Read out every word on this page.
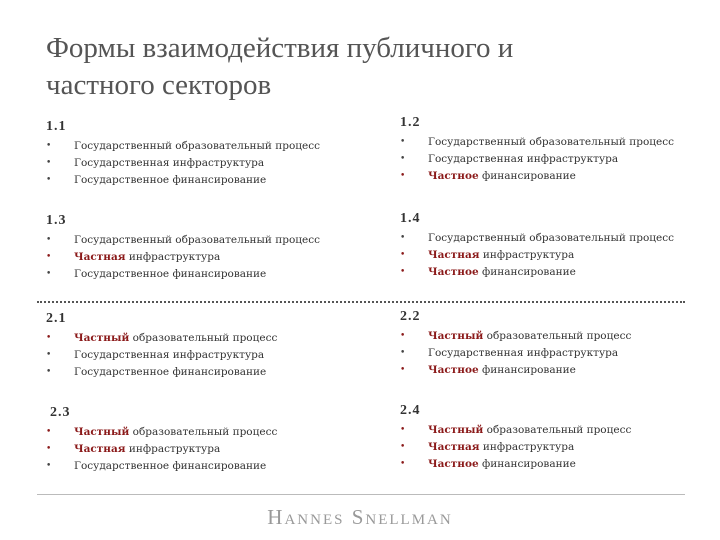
Формы взаимодействия публичного и
частного секторов
1.1
• Государственный образовательный процесс
• Государственная инфраструктура
• Государственное финансирование
1.2
• Государственный образовательный процесс
• Государственная инфраструктура
• Частное финансирование
1.3
• Государственный образовательный процесс
• Частная инфраструктура
• Государственное финансирование
1.4
• Государственный образовательный процесс
• Частная инфраструктура
• Частное финансирование
2.1
• Частный образовательный процесс
• Государственная инфраструктура
• Государственное финансирование
2.2
• Частный образовательный процесс
• Государственная инфраструктура
• Частное финансирование
2.3
• Частный образовательный процесс
• Частная инфраструктура
• Государственное финансирование
2.4
• Частный образовательный процесс
• Частная инфраструктура
• Частное финансирование
Hannes Snellman
